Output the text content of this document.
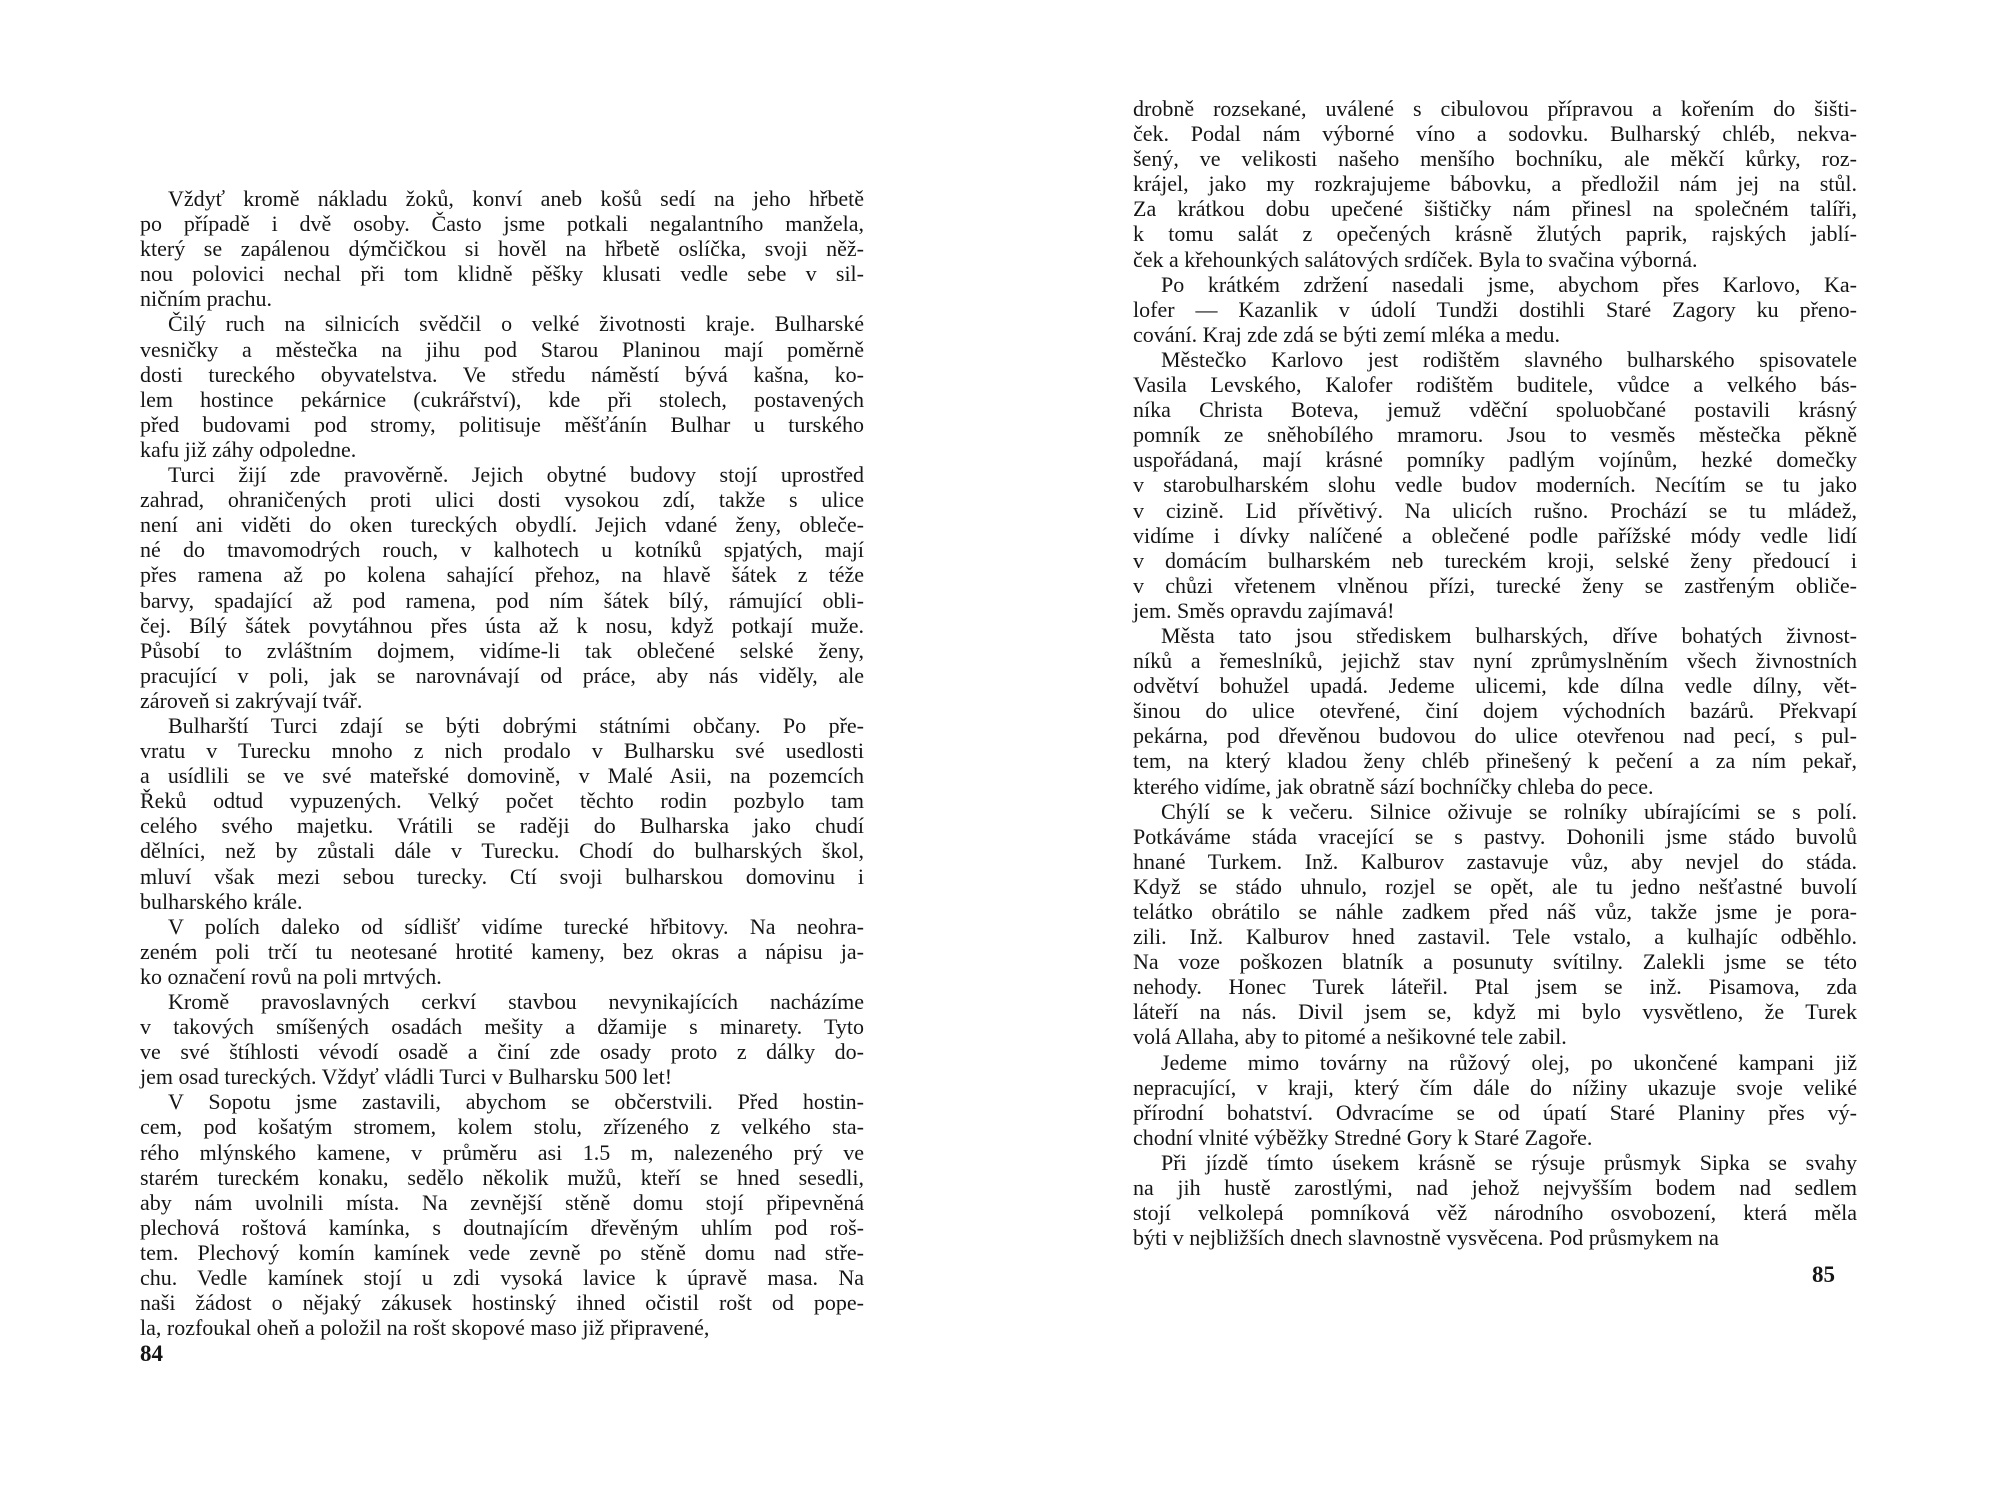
Vždyť kromě nákladu žoků, konví aneb košů sedí na jeho hřbetě
po případě i dvě osoby. Často jsme potkali negalantního manžela,
který se zapálenou dýmčičkou si hověl na hřbetě oslíčka, svoji něž-
nou polovici nechal při tom klidně pěšky klusati vedle sebe v sil-
ničním prachu.
Čilý ruch na silnicích svědčil o velké životnosti kraje. Bulharské
vesničky a městečka na jihu pod Starou Planinou mají poměrně
dosti tureckého obyvatelstva. Ve středu náměstí bývá kašna, ko-
lem hostince pekárnice (cukrářství), kde při stolech, postavených
před budovami pod stromy, politisuje měšťánín Bulhar u turského
kafu již záhy odpoledne.
Turci žijí zde pravověrně. Jejich obytné budovy stojí uprostřed
zahrad, ohraničených proti ulici dosti vysokou zdí, takže s ulice
není ani viděti do oken tureckých obydlí. Jejich vdané ženy, obleče-
né do tmavomodrých rouch, v kalhotech u kotníků spjatých, mají
přes ramena až po kolena sahající přehoz, na hlavě šátek z téže
barvy, spadající až pod ramena, pod ním šátek bílý, rámující obli-
čej. Bílý šátek povytáhnou přes ústa až k nosu, když potkají muže.
Působí to zvláštním dojmem, vidíme-li tak oblečené selské ženy,
pracující v poli, jak se narovnávají od práce, aby nás viděly, ale
zároveň si zakrývají tvář.
Bulharští Turci zdají se býti dobrými státními občany. Po pře-
vratu v Turecku mnoho z nich prodalo v Bulharsku své usedlosti
a usídlili se ve své mateřské domovině, v Malé Asii, na pozemcích
Řeků odtud vypuzených. Velký počet těchto rodin pozbylo tam
celého svého majetku. Vrátili se raději do Bulharska jako chudí
dělníci, než by zůstali dále v Turecku. Chodí do bulharských škol,
mluví však mezi sebou turecky. Ctí svoji bulharskou domovinu i
bulharského krále.
V polích daleko od sídlišť vidíme turecké hřbitovy. Na neohra-
zeném poli trčí tu neotesané hrotité kameny, bez okras a nápisu ja-
ko označení rovů na poli mrtvých.
Kromě pravoslavných cerkví stavbou nevynikajících nacházíme
v takových smíšených osadách mešity a džamije s minarety. Tyto
ve své štíhlosti vévodí osadě a činí zde osady proto z dálky do-
jem osad tureckých. Vždyť vládli Turci v Bulharsku 500 let!
V Sopotu jsme zastavili, abychom se občerstvili. Před hostin-
cem, pod košatým stromem, kolem stolu, zřízeného z velkého sta-
rého mlýnského kamene, v průměru asi 1.5 m, nalezeného prý ve
starém tureckém konaku, sedělo několik mužů, kteří se hned sesedli,
aby nám uvolnili místa. Na zevnější stěně domu stojí připevněná
plechová roštová kamínka, s doutnajícím dřevěným uhlím pod roš-
tem. Plechový komín kamínek vede zevně po stěně domu nad stře-
chu. Vedle kamínek stojí u zdi vysoká lavice k úpravě masa. Na
naši žádost o nějaký zákusek hostinský ihned očistil rošt od pope-
la, rozfoukal oheň a položil na rošt skopové maso již připravené,
84
drobně rozsekané, uválené s cibulovou přípravou a kořením do šišti-
ček. Podal nám výborné víno a sodovku. Bulharský chléb, nekva-
šený, ve velikosti našeho menšího bochníku, ale měkčí kůrky, roz-
krájel, jako my rozkrajujeme bábovku, a předložil nám jej na stůl.
Za krátkou dobu upečené šištičky nám přinesl na společném talíři,
k tomu salát z opečených krásně žlutých paprik, rajských jablí-
ček a křehounkých salátových srdíček. Byla to svačina výborná.
Po krátkém zdržení nasedali jsme, abychom přes Karlovo, Ka-
lofer — Kazanlik v údolí Tundži dostihli Staré Zagory ku přeno-
cování. Kraj zde zdá se býti zemí mléka a medu.
Městečko Karlovo jest rodištěm slavného bulharského spisovatele
Vasila Levského, Kalofer rodištěm buditele, vůdce a velkého bás-
níka Christa Boteva, jemuž vděční spoluobčané postavili krásný
pomník ze sněhobílého mramoru. Jsou to vesměs městečka pěkně
uspořádaná, mají krásné pomníky padlým vojínům, hezké domečky
v starobulharském slohu vedle budov moderních. Necítím se tu jako
v cizině. Lid přívětivý. Na ulicích rušno. Prochází se tu mládež,
vidíme i dívky nalíčené a oblečené podle pařížské módy vedle lidí
v domácím bulharském neb tureckém kroji, selské ženy předoucí i
v chůzi vřetenem vlněnou přízi, turecké ženy se zastřeným obliče-
jem. Směs opravdu zajímavá!
Města tato jsou střediskem bulharských, dříve bohatých živnost-
níků a řemeslníků, jejichž stav nyní zprůmyslněním všech živnostních
odvětví bohužel upadá. Jedeme ulicemi, kde dílna vedle dílny, vět-
šinou do ulice otevřené, činí dojem východních bazárů. Překvapí
pekárna, pod dřevěnou budovou do ulice otevřenou nad pecí, s pul-
tem, na který kladou ženy chléb přinešený k pečení a za ním pekař,
kterého vidíme, jak obratně sází bochníčky chleba do pece.
Chýlí se k večeru. Silnice oživuje se rolníky ubírajícími se s polí.
Potkáváme stáda vracející se s pastvy. Dohonili jsme stádo buvolů
hnané Turkem. Inž. Kalburov zastavuje vůz, aby nevjel do stáda.
Když se stádo uhnulo, rozjel se opět, ale tu jedno nešťastné buvolí
telátko obrátilo se náhle zadkem před náš vůz, takže jsme je pora-
zili. Inž. Kalburov hned zastavil. Tele vstalo, a kulhajíc odběhlo.
Na voze poškozen blatník a posunuty svítilny. Zalekli jsme se této
nehody. Honec Turek láteřil. Ptal jsem se inž. Pisamova, zda
láteří na nás. Divil jsem se, když mi bylo vysvětleno, že Turek
volá Allaha, aby to pitomé a nešikovné tele zabil.
Jedeme mimo továrny na růžový olej, po ukončené kampani již
nepracující, v kraji, který čím dále do nížiny ukazuje svoje veliké
přírodní bohatství. Odvracíme se od úpatí Staré Planiny přes vý-
chodní vlnité výběžky Stredné Gory k Staré Zagoře.
Při jízdě tímto úsekem krásně se rýsuje průsmyk Sipka se svahy
na jih hustě zarostlými, nad jehož nejvyšším bodem nad sedlem
stojí velkolepá pomníková věž národního osvobození, která měla
býti v nejbližších dnech slavnostně vysvěcena. Pod průsmykem na
85
